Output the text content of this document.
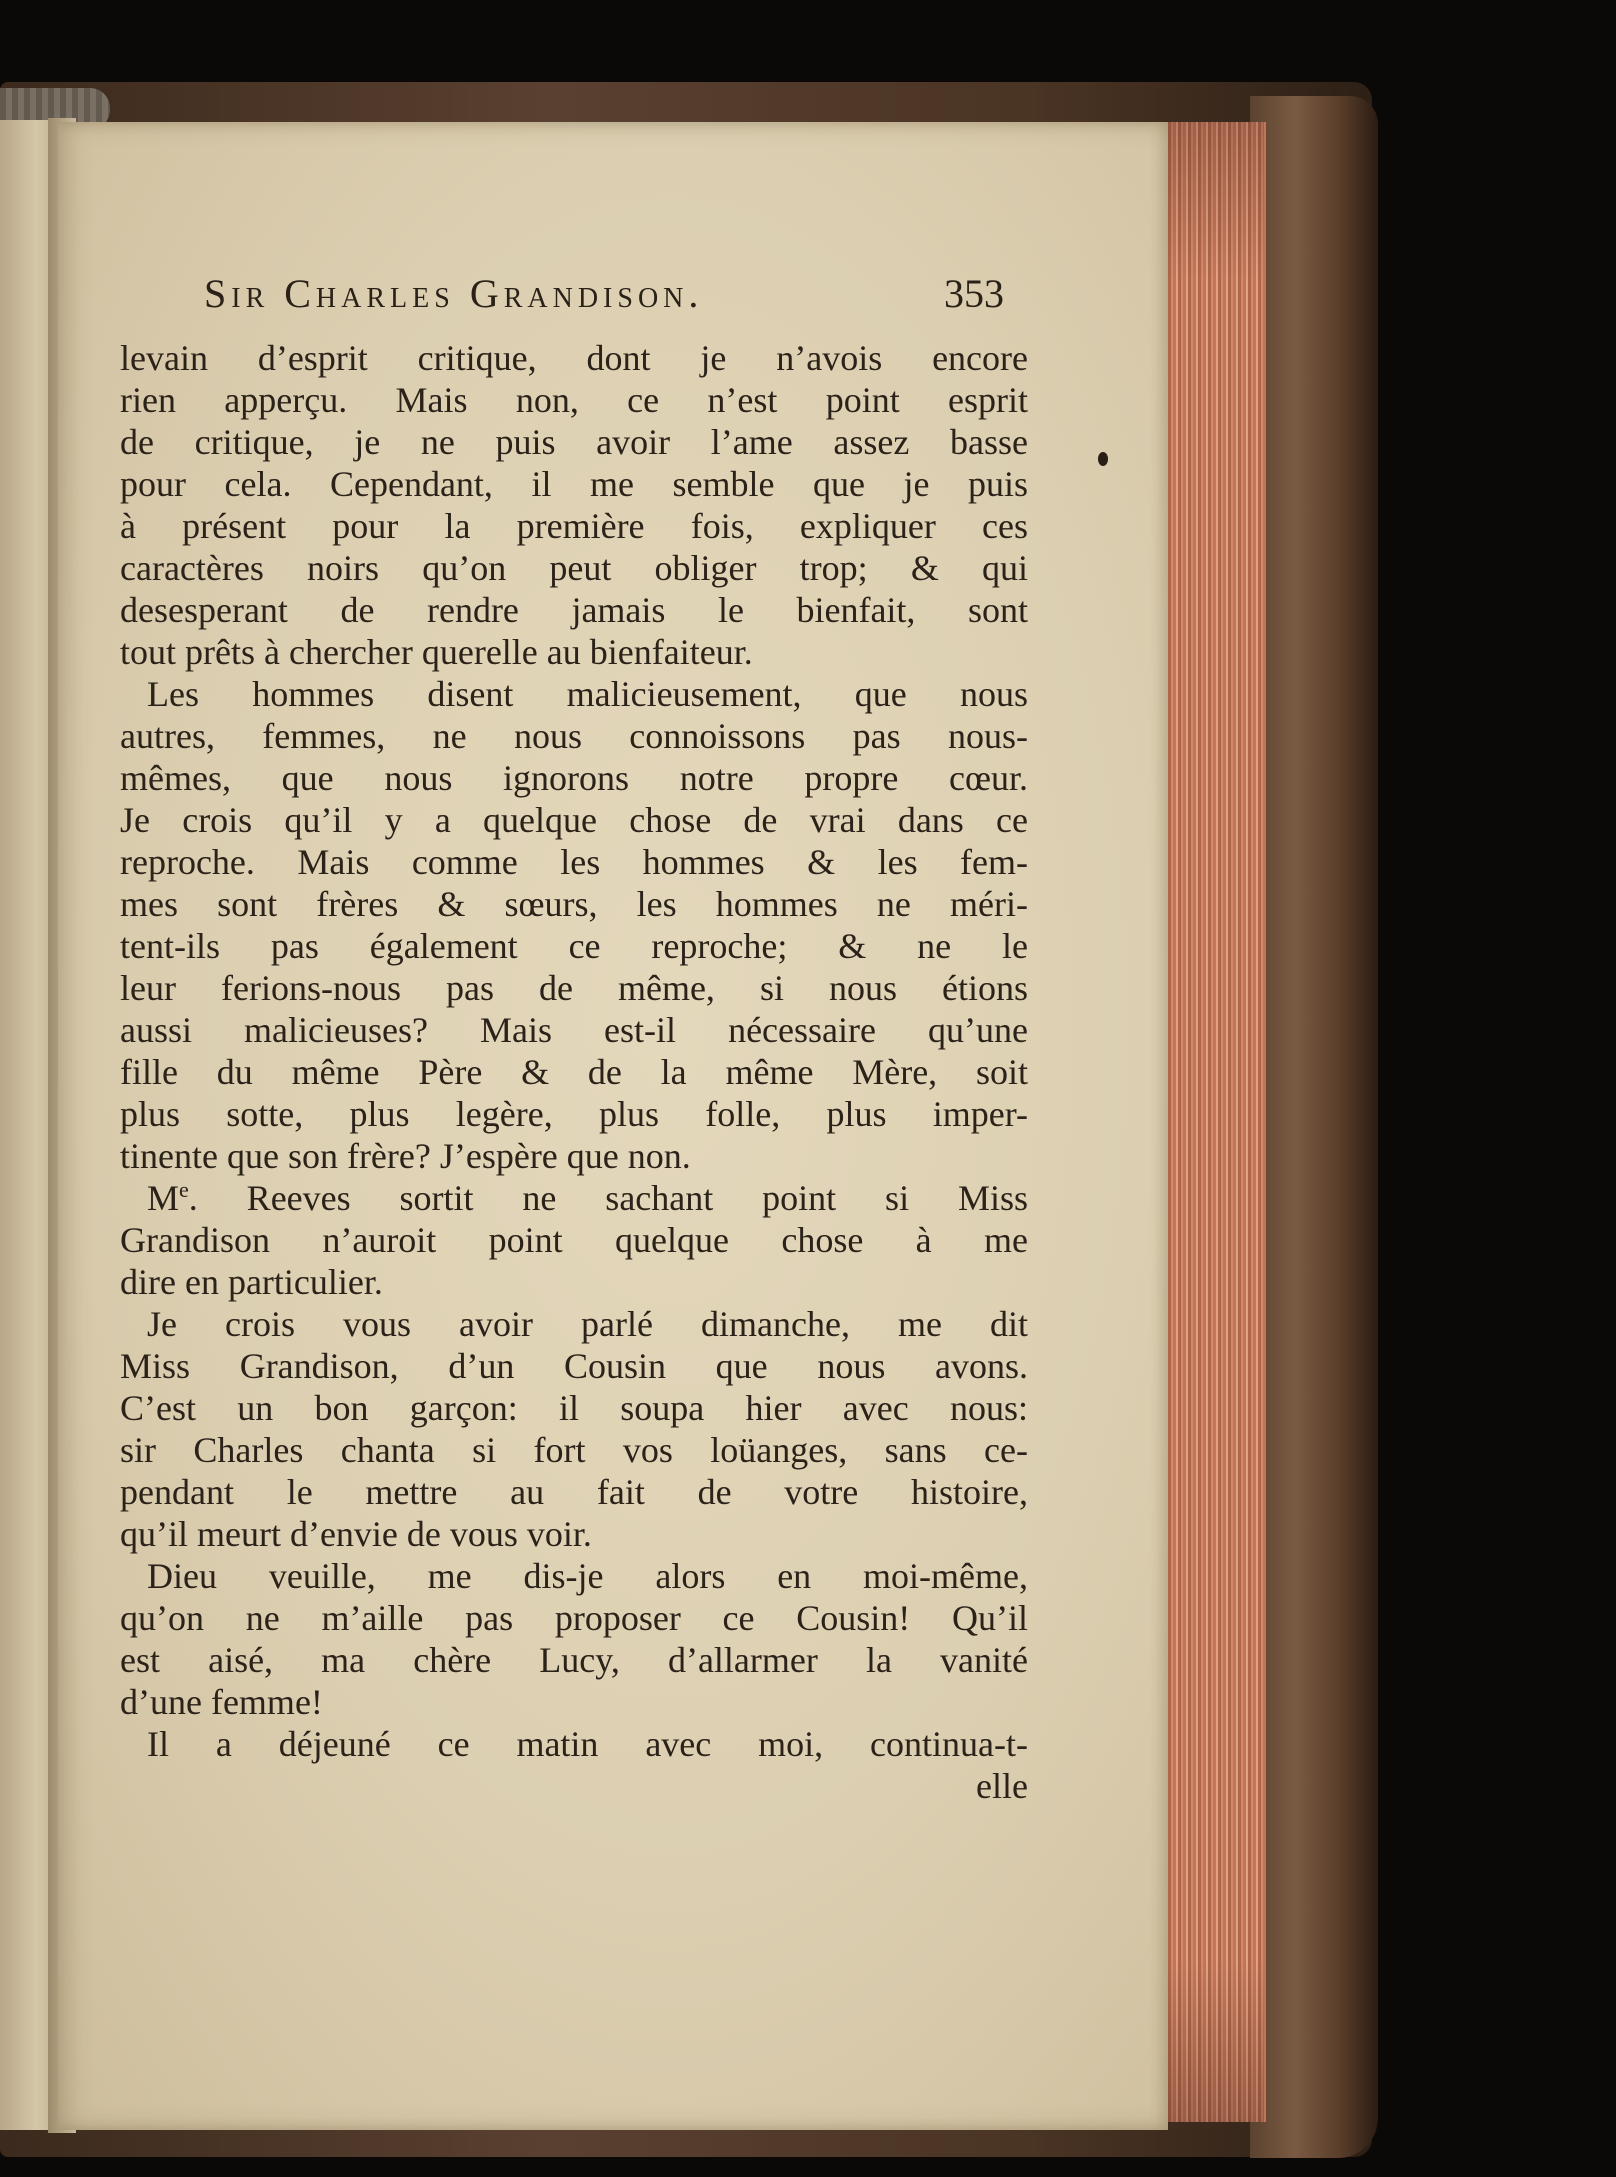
Sir Charles Grandison.	353
levain d’esprit critique, dont je n’avois encore
rien apperçu. Mais non, ce n’est point esprit
de critique, je ne puis avoir l’ame assez basse
pour cela. Cependant, il me semble que je puis
à présent pour la première fois, expliquer ces
caractères noirs qu’on peut obliger trop; & qui
desesperant de rendre jamais le bienfait, sont
tout prêts à chercher querelle au bienfaiteur.
Les hommes disent malicieusement, que nous
autres, femmes, ne nous connoissons pas nous-
mêmes, que nous ignorons notre propre cœur.
Je crois qu’il y a quelque chose de vrai dans ce
reproche. Mais comme les hommes & les fem-
mes sont frères & sœurs, les hommes ne méri-
tent-ils pas également ce reproche; & ne le
leur ferions-nous pas de même, si nous étions
aussi malicieuses? Mais est-il nécessaire qu’une
fille du même Père & de la même Mère, soit
plus sotte, plus legère, plus folle, plus imper-
tinente que son frère? J’espère que non.
Me. Reeves sortit ne sachant point si Miss
Grandison n’auroit point quelque chose à me
dire en particulier.
Je crois vous avoir parlé dimanche, me dit
Miss Grandison, d’un Cousin que nous avons.
C’est un bon garçon: il soupa hier avec nous:
sir Charles chanta si fort vos loüanges, sans ce-
pendant le mettre au fait de votre histoire,
qu’il meurt d’envie de vous voir.
Dieu veuille, me dis-je alors en moi-même,
qu’on ne m’aille pas proposer ce Cousin! Qu’il
est aisé, ma chère Lucy, d’allarmer la vanité
d’une femme!
Il a déjeuné ce matin avec moi, continua-t-
elle
